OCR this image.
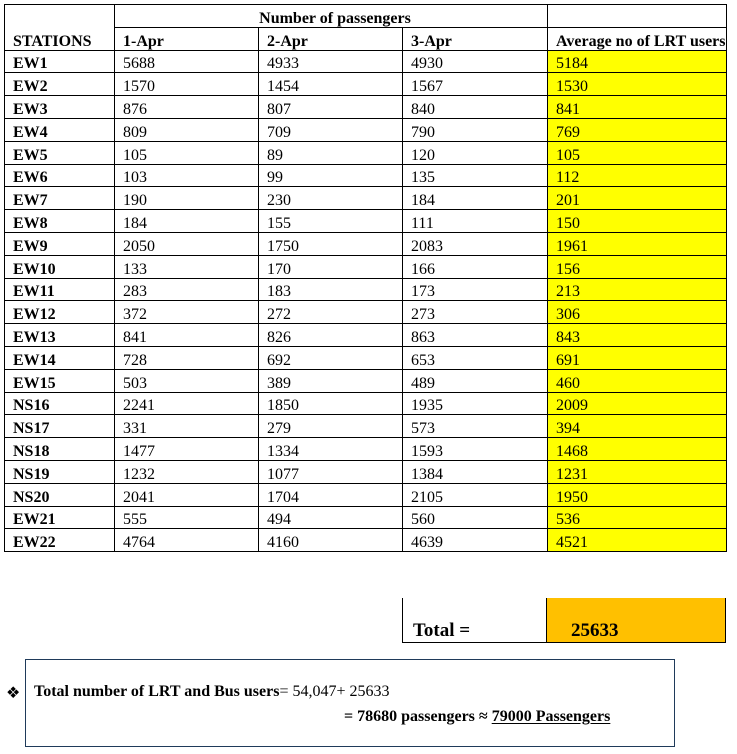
STATIONS	Number of passengers			
	1-Apr	2-Apr	3-Apr	Average no of LRT users
EW1	5688	4933	4930	5184
EW2	1570	1454	1567	1530
EW3	876	807	840	841
EW4	809	709	790	769
EW5	105	89	120	105
EW6	103	99	135	112
EW7	190	230	184	201
EW8	184	155	111	150
EW9	2050	1750	2083	1961
EW10	133	170	166	156
EW11	283	183	173	213
EW12	372	272	273	306
EW13	841	826	863	843
EW14	728	692	653	691
EW15	503	389	489	460
NS16	2241	1850	1935	2009
NS17	331	279	573	394
NS18	1477	1334	1593	1468
NS19	1232	1077	1384	1231
NS20	2041	1704	2105	1950
EW21	555	494	560	536
EW22	4764	4160	4639	4521
Total =	25633
❖ Total number of LRT and Bus users= 54,047+ 25633
= 78680 passengers ≈ 79000 Passengers
